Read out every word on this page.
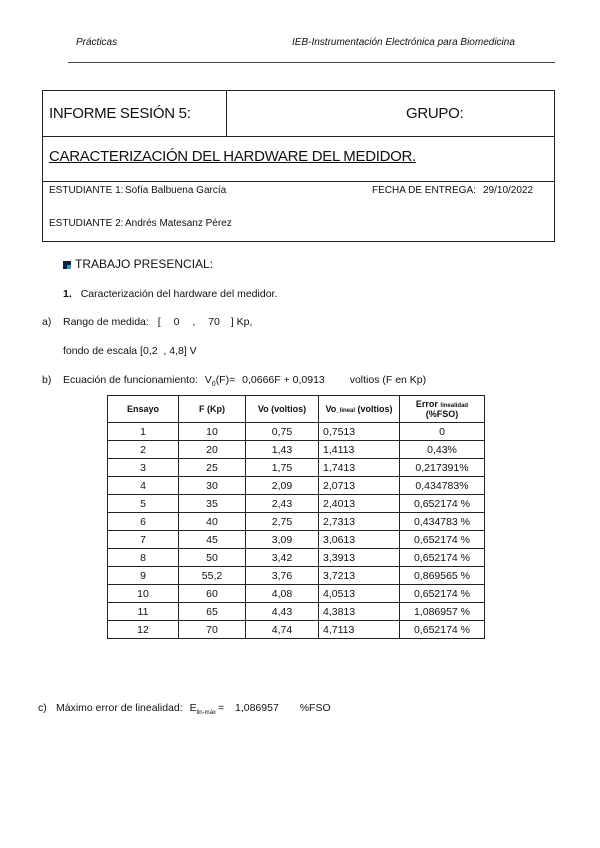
Prácticas	IEB-Instrumentación Electrónica para Biomedicina
INFORME SESIÓN 5:	GRUPO:
CARACTERIZACIÓN DEL HARDWARE DEL MEDIDOR.
ESTUDIANTE 1: Sofía Balbuena García	FECHA DE ENTREGA: 29/10/2022
ESTUDIANTE 2: Andrés Matesanz Pérez
TRABAJO PRESENCIAL:
1. Caracterización del hardware del medidor.
a) Rango de medida: [ 0 , 70 ] Kp,
fondo de escala [0,2  , 4,8] V
b) Ecuación de funcionamiento: $V_0(F)= 0,0666F + 0,0913$ voltios (F en Kp)
Ensayo	F (Kp)	Vo (voltios)	Vo_lineal (voltios)	Error linealidad
(%FSO)
1	10	0,75	0,7513	0
2	20	1,43	1,4113	0,43%
3	25	1,75	1,7413	0,217391%
4	30	2,09	2,0713	0,434783%
5	35	2,43	2,4013	0,652174 %
6	40	2,75	2,7313	0,434783 %
7	45	3,09	3,0613	0,652174 %
8	50	3,42	3,3913	0,652174 %
9	55,2	3,76	3,7213	0,869565 %
10	60	4,08	4,0513	0,652174 %
11	65	4,43	4,3813	1,086957 %
12	70	4,74	4,7113	0,652174 %
c) Máximo error de linealidad: $E_{lin-máx} = 1,086957$ %FSO
